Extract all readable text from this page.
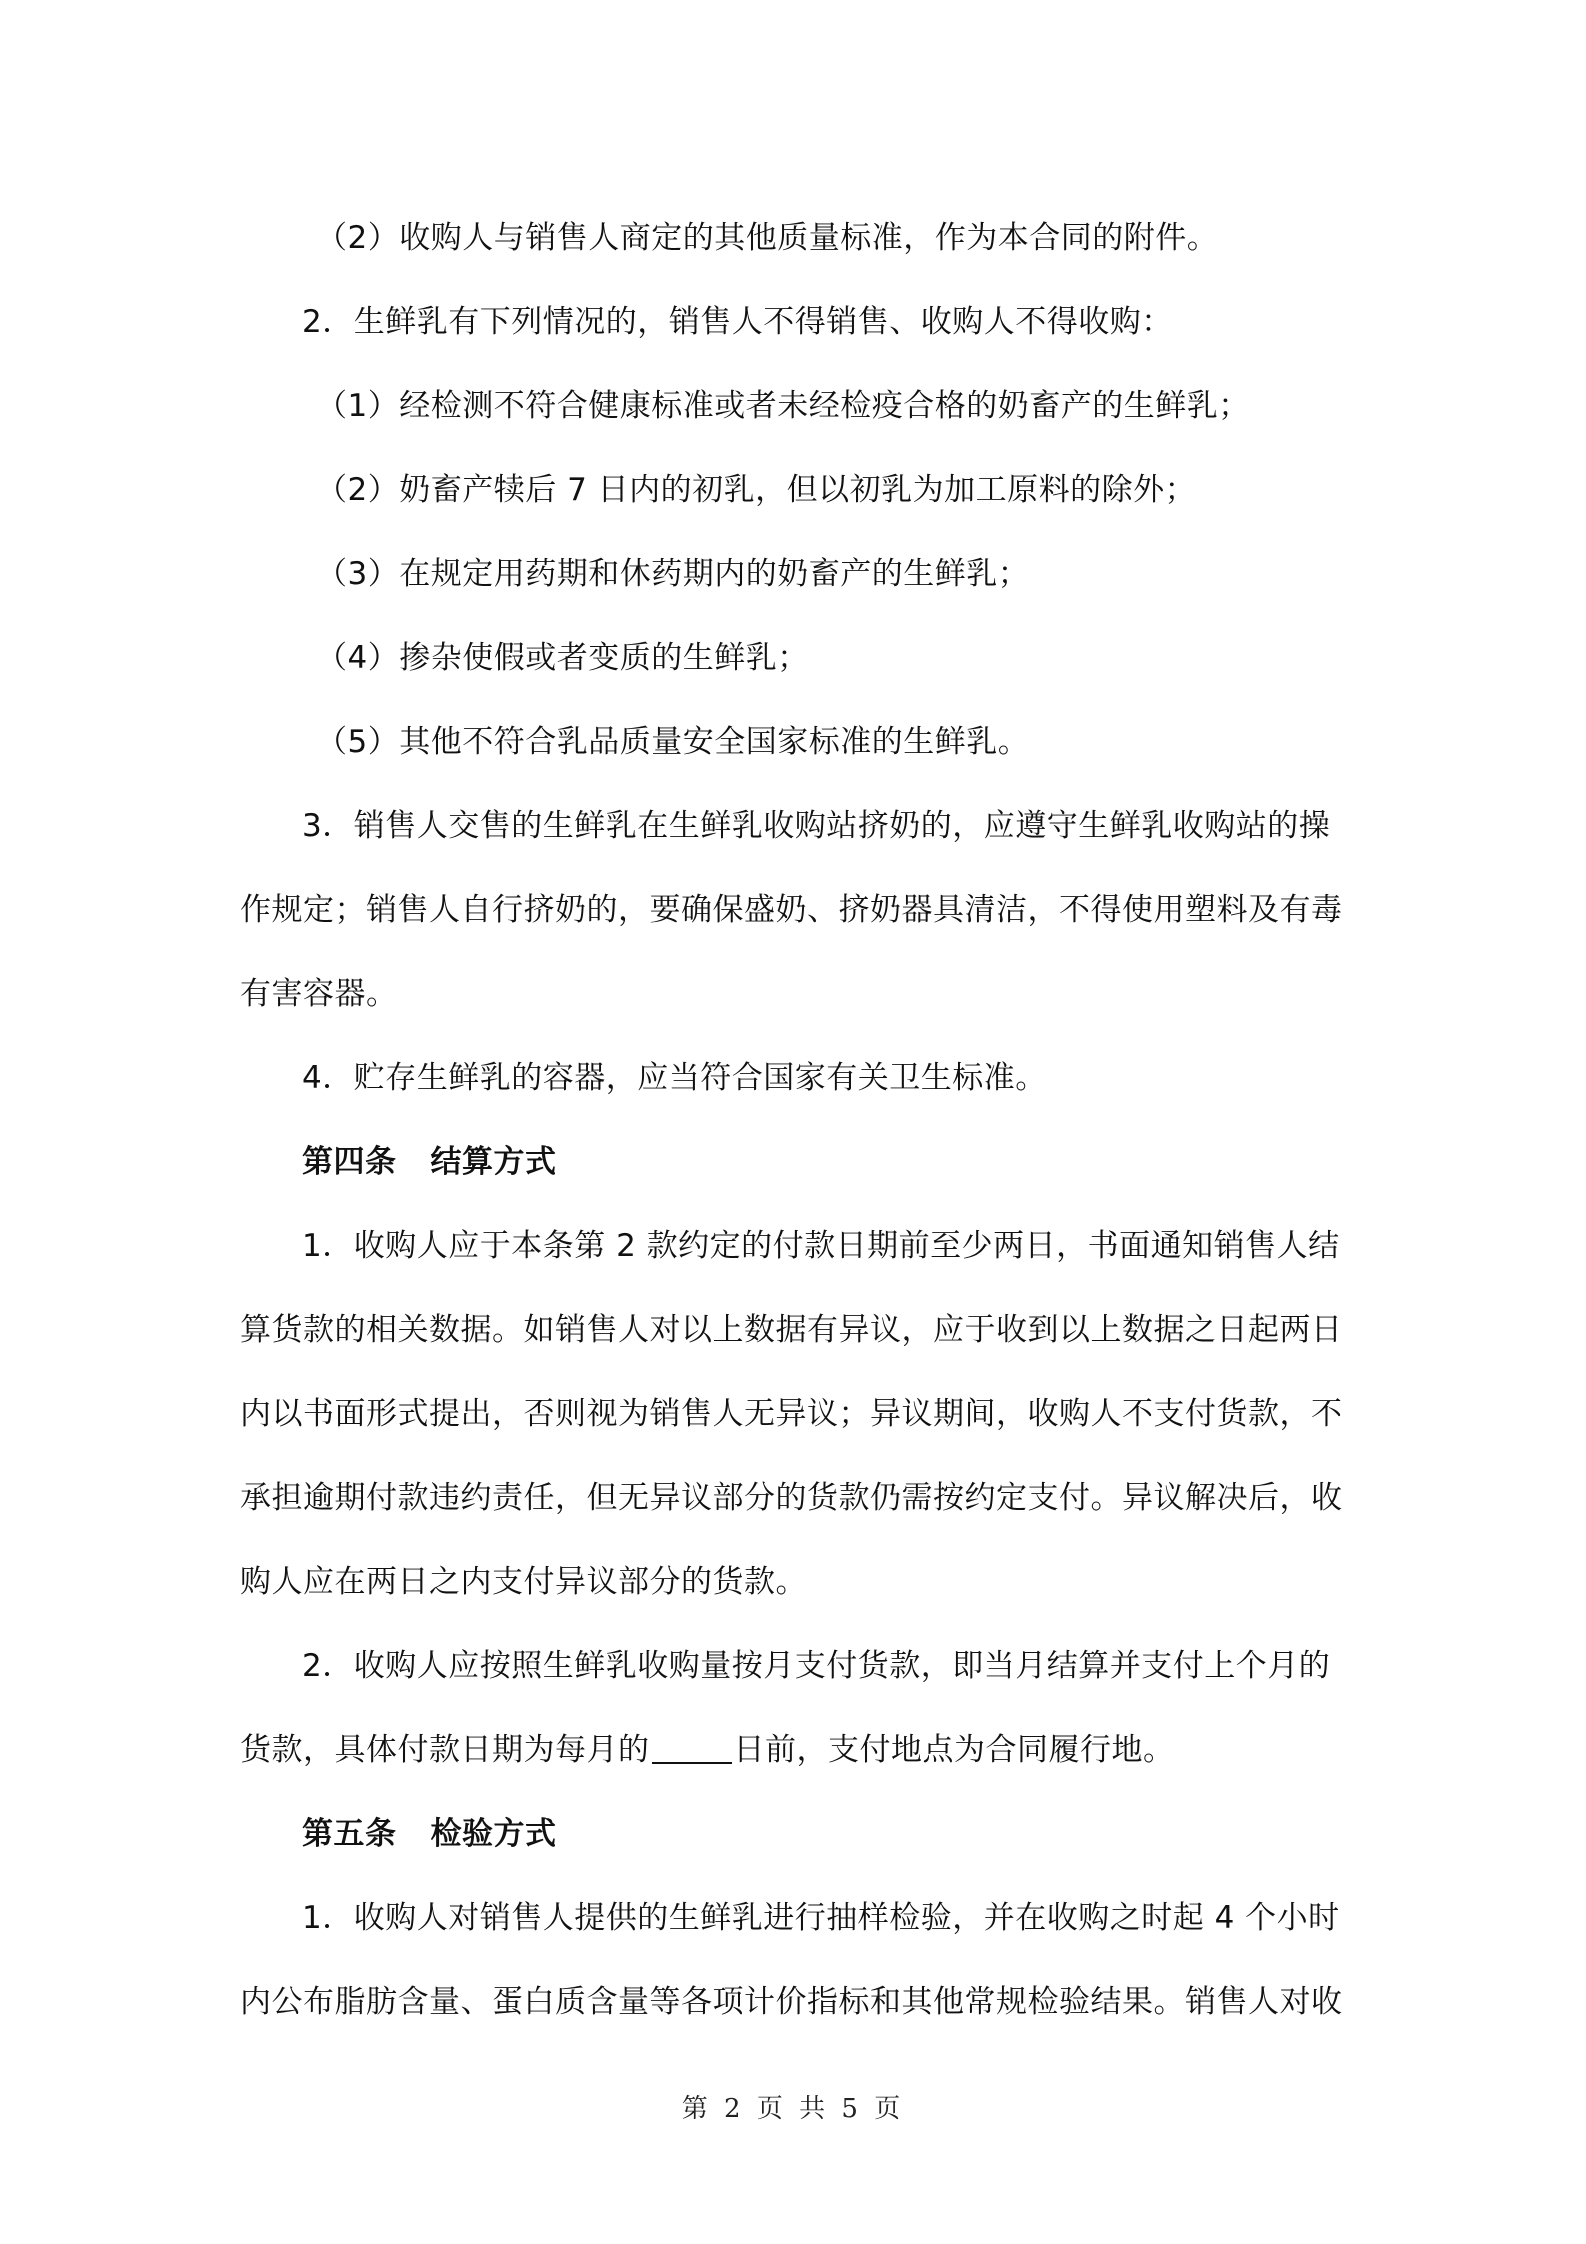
（2）收购人与销售人商定的其他质量标准，作为本合同的附件。
2．生鲜乳有下列情况的，销售人不得销售、收购人不得收购：
（1）经检测不符合健康标准或者未经检疫合格的奶畜产的生鲜乳；
（2）奶畜产犊后 7 日内的初乳，但以初乳为加工原料的除外；
（3）在规定用药期和休药期内的奶畜产的生鲜乳；
（4）掺杂使假或者变质的生鲜乳；
（5）其他不符合乳品质量安全国家标准的生鲜乳。
3．销售人交售的生鲜乳在生鲜乳收购站挤奶的，应遵守生鲜乳收购站的操
作规定；销售人自行挤奶的，要确保盛奶、挤奶器具清洁，不得使用塑料及有毒
有害容器。
4．贮存生鲜乳的容器，应当符合国家有关卫生标准。
第四条 结算方式
1．收购人应于本条第 2 款约定的付款日期前至少两日，书面通知销售人结
算货款的相关数据。如销售人对以上数据有异议，应于收到以上数据之日起两日
内以书面形式提出，否则视为销售人无异议；异议期间，收购人不支付货款，不
承担逾期付款违约责任，但无异议部分的货款仍需按约定支付。异议解决后，收
购人应在两日之内支付异议部分的货款。
2．收购人应按照生鲜乳收购量按月支付货款，即当月结算并支付上个月的
货款，具体付款日期为每月的	日前，支付地点为合同履行地。
第五条 检验方式
1．收购人对销售人提供的生鲜乳进行抽样检验，并在收购之时起 4 个小时
内公布脂肪含量、蛋白质含量等各项计价指标和其他常规检验结果。销售人对收
第 2 页 共 5 页
